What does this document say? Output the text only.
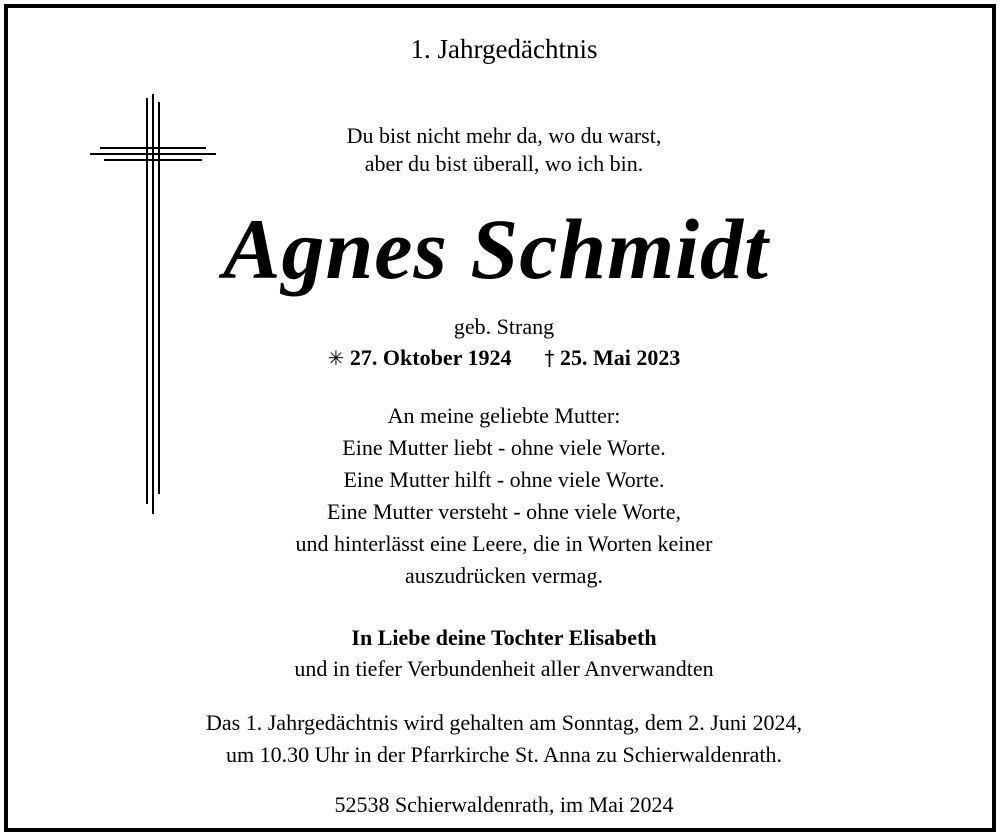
1. Jahrgedächtnis
Du bist nicht mehr da, wo du warst,
aber du bist überall, wo ich bin.
Agnes Schmidt
geb. Strang
✳ 27. Oktober 1924 † 25. Mai 2023
An meine geliebte Mutter:
Eine Mutter liebt - ohne viele Worte.
Eine Mutter hilft - ohne viele Worte.
Eine Mutter versteht - ohne viele Worte,
und hinterlässt eine Leere, die in Worten keiner
auszudrücken vermag.
In Liebe deine Tochter Elisabeth
und in tiefer Verbundenheit aller Anverwandten
Das 1. Jahrgedächtnis wird gehalten am Sonntag, dem 2. Juni 2024,
um 10.30 Uhr in der Pfarrkirche St. Anna zu Schierwaldenrath.
52538 Schierwaldenrath, im Mai 2024
